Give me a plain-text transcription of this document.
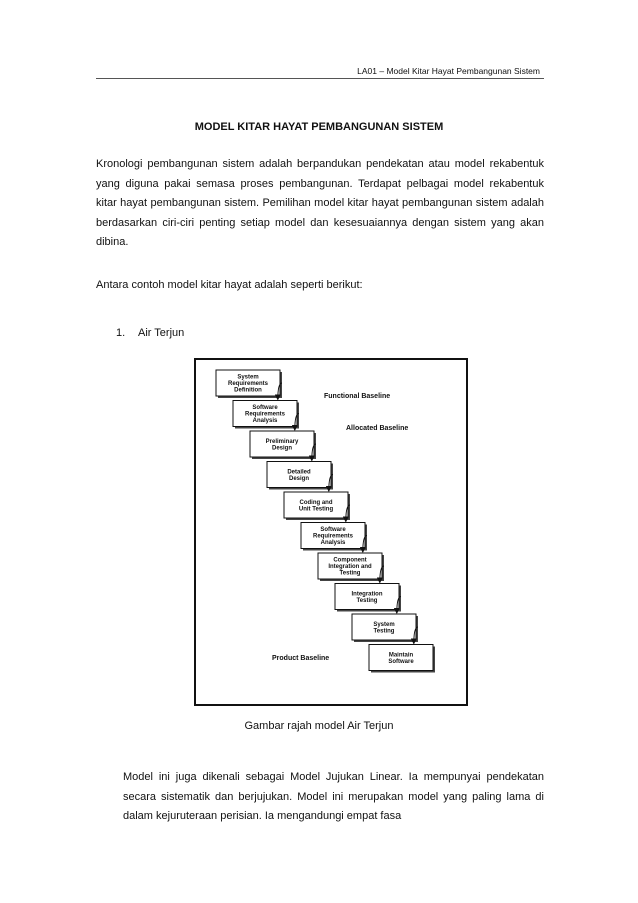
LA01 – Model Kitar Hayat Pembangunan Sistem
MODEL KITAR HAYAT PEMBANGUNAN SISTEM
Kronologi pembangunan sistem adalah berpandukan pendekatan atau model rekabentuk yang diguna pakai semasa proses pembangunan. Terdapat pelbagai model rekabentuk kitar hayat pembangunan sistem. Pemilihan model kitar hayat pembangunan sistem adalah berdasarkan ciri-ciri penting setiap model dan kesesuaiannya dengan sistem yang akan dibina.
Antara contoh model kitar hayat adalah seperti berikut:
1. Air Terjun
Functional Baseline
Allocated Baseline
Product Baseline
System
Requirements
Definition
Software
Requirements
Analysis
Preliminary
Design
Detailed
Design
Coding and
Unit Testing
Software
Requirements
Analysis
Component
Integration and
Testing
Integration
Testing
System
Testing
Maintain
Software
Gambar rajah model Air Terjun
Model ini juga dikenali sebagai Model Jujukan Linear. Ia mempunyai pendekatan secara sistematik dan berjujukan. Model ini merupakan model yang paling lama di dalam kejuruteraan perisian. Ia mengandungi empat fasa
